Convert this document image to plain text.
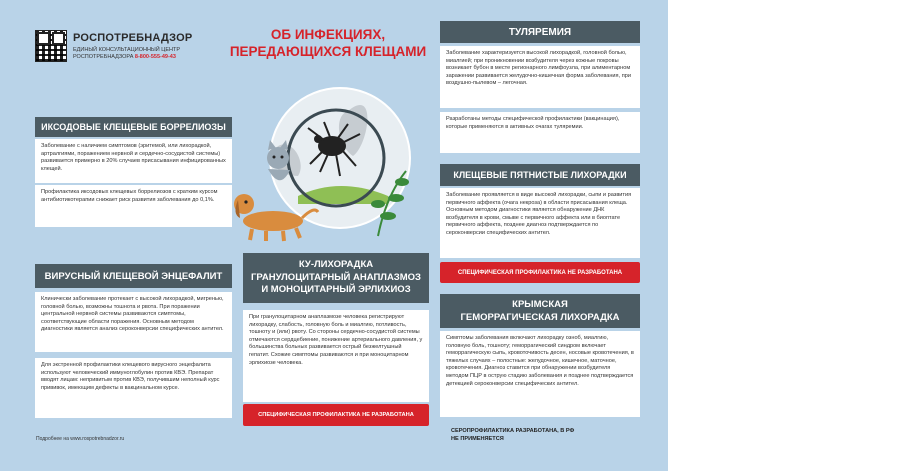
РОСПОТРЕБНАДЗОР
ЕДИНЫЙ КОНСУЛЬТАЦИОННЫЙ ЦЕНТР
РОСПОТРЕБНАДЗОРА 8-800-555-49-43
ОБ ИНФЕКЦИЯХ,
ПЕРЕДАЮЩИХСЯ КЛЕЩАМИ
ИКСОДОВЫЕ КЛЕЩЕВЫЕ БОРРЕЛИОЗЫ
Заболевание с наличием симптомов (эритемой, или лихорадкой, артралгиями, поражением нервной и сердечно-сосудистой системы) развивается примерно в 20% случаев присасывания инфицированных клещей.
Профилактика иксодовых клещевых боррелиозов с кратким курсом антибиотикотерапии снижает риск развития заболевания до 0,1%.
ВИРУСНЫЙ КЛЕЩЕВОЙ ЭНЦЕФАЛИТ
Клинически заболевание протекает с высокой лихорадкой, мигренью, головной болью, возможны тошнота и рвота. При поражении центральной нервной системы развиваются симптомы, соответствующие области поражения. Основным методом диагностики является анализ сероконверсии специфических антител.
Для экстренной профилактики клещевого вирусного энцефалита используют человеческий иммуноглобулин против КВЭ. Препарат вводят лицам: непривитым против КВЭ, получившим неполный курс прививок, имеющим дефекты в вакцинальном курсе.
Подробнее на www.rospotrebnadzor.ru
КУ-ЛИХОРАДКА
ГРАНУЛОЦИТАРНЫЙ АНАПЛАЗМОЗ
И МОНОЦИТАРНЫЙ ЭРЛИХИОЗ
При гранулоцитарном анаплазмозе человека регистрируют лихорадку, слабость, головную боль и миалгию, потливость, тошноту и (или) рвоту. Со стороны сердечно-сосудистой системы отмечаются сердцебиение, понижение артериального давления, у большинства больных развивается острый безжелтушный гепатит. Схожие симптомы развиваются и при моноцитарном эрлихиозе человека.
СПЕЦИФИЧЕСКАЯ ПРОФИЛАКТИКА НЕ РАЗРАБОТАНА
ТУЛЯРЕМИЯ
Заболевание характеризуется высокой лихорадкой, головной болью, миалгией; при проникновении возбудителя через кожные покровы возникает бубон в месте регионарного лимфоузла, при алиментарном заражении развивается желудочно-кишечная форма заболевания, при воздушно-пылевом – легочная.
Разработаны методы специфической профилактики (вакцинация), которые применяются в активных очагах туляремии.
КЛЕЩЕВЫЕ ПЯТНИСТЫЕ ЛИХОРАДКИ
Заболевание проявляется в виде высокой лихорадки, сыпи и развития первичного аффекта (очага некроза) в области присасывания клеща. Основным методом диагностики является обнаружение ДНК возбудителя в крови, смыве с первичного аффекта или в биоптате первичного аффекта, позднее диагноз подтверждается по сероконверсии специфических антител.
СПЕЦИФИЧЕСКАЯ ПРОФИЛАКТИКА НЕ РАЗРАБОТАНА
КРЫМСКАЯ
ГЕМОРРАГИЧЕСКАЯ ЛИХОРАДКА
Симптомы заболевания включают лихорадку озноб, миалгию, головную боль, тошноту; геморрагический синдром включает геморрагическую сыпь, кровоточивость десен, носовые кровотечения, в тяжелых случаях – полостные: желудочное, кишечное, маточное, кровотечения. Диагноз ставится при обнаружении возбудителя методом ПЦР в острую стадию заболевания и позднее подтверждается детекцией сероконверсии специфических антител.
СЕРОПРОФИЛАКТИКА РАЗРАБОТАНА, В РФ
НЕ ПРИМЕНЯЕТСЯ
